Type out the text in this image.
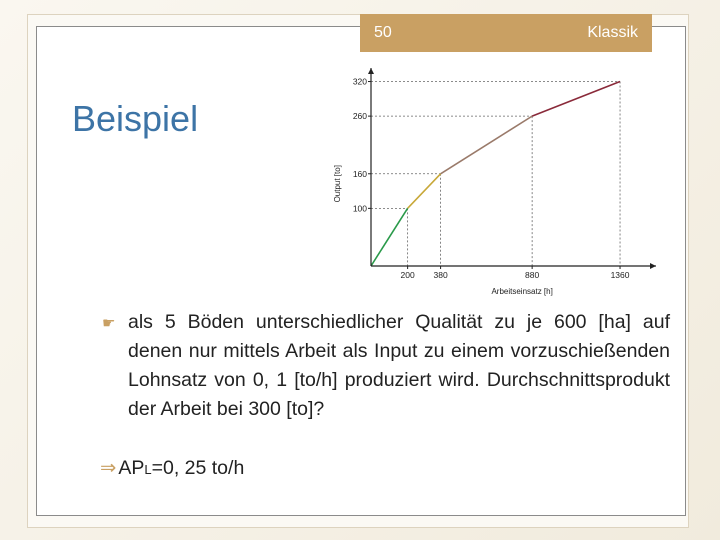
50	Klassik
Beispiel
200 380	880	1360
100
160
260
320
Arbeitseinsatz [h]
Output [to]
☛ als 5 Böden unterschiedlicher Qualität zu je 600 [ha] auf denen nur mittels Arbeit als Input zu einem vorzuschießenden Lohnsatz von 0, 1 [to/h] produziert wird. Durchschnittsprodukt der Arbeit bei 300 [to]?
⇒ APL=0, 25 to/h
